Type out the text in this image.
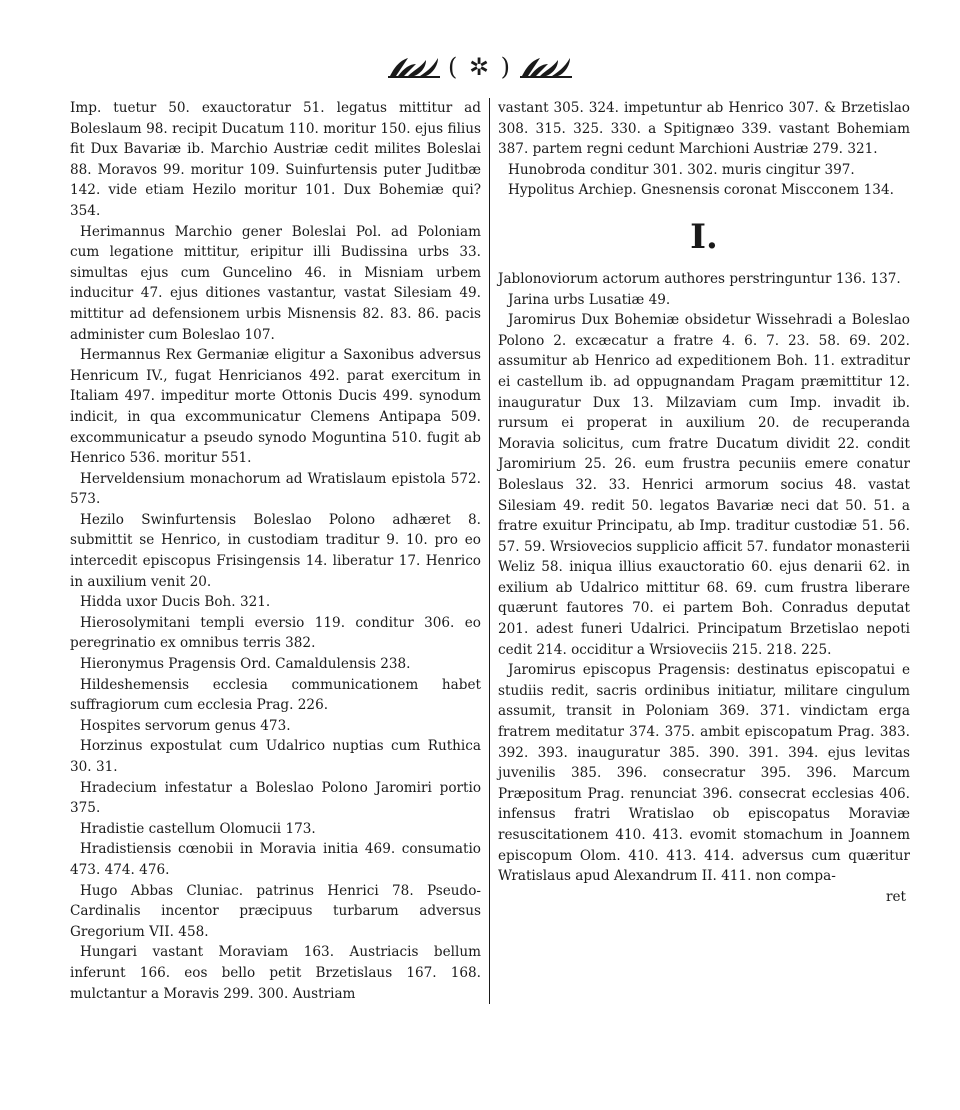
( ✲ )

Imp. tuetur 50. exauctoratur 51. legatus mittitur ad Boleslaum 98. recipit Ducatum 110. moritur 150. ejus filius fit Dux Bavariæ ib. Marchio Austriæ cedit milites Boleslai 88. Moravos 99. moritur 109. Suinfurtensis puter Juditbæ 142. vide etiam Hezilo moritur 101. Dux Bohemiæ qui? 354.

Herimannus Marchio gener Boleslai Pol. ad Poloniam cum legatione mittitur, eripitur illi Budissina urbs 33. simultas ejus cum Guncelino 46. in Misniam urbem inducitur 47. ejus ditiones vastantur, vastat Silesiam 49. mittitur ad defensionem urbis Misnensis 82. 83. 86. pacis administer cum Boleslao 107.

Hermannus Rex Germaniæ eligitur a Saxonibus adversus Henricum IV., fugat Henricianos 492. parat exercitum in Italiam 497. impeditur morte Ottonis Ducis 499. synodum indicit, in qua excommunicatur Clemens Antipapa 509. excommunicatur a pseudo synodo Moguntina 510. fugit ab Henrico 536. moritur 551.

Herveldensium monachorum ad Wratislaum epistola 572. 573.

Hezilo Swinfurtensis Boleslao Polono adhæret 8. submittit se Henrico, in custodiam traditur 9. 10. pro eo intercedit episcopus Frisingensis 14. liberatur 17. Henrico in auxilium venit 20.

Hidda uxor Ducis Boh. 321.

Hierosolymitani templi eversio 119. conditur 306. eo peregrinatio ex omnibus terris 382.

Hieronymus Pragensis Ord. Camaldulensis 238.

Hildeshemensis ecclesia communicationem habet suffragiorum cum ecclesia Prag. 226.

Hospites servorum genus 473.

Horzinus expostulat cum Udalrico nuptias cum Ruthica 30. 31.

Hradecium infestatur a Boleslao Polono Jaromiri portio 375.

Hradistie castellum Olomucii 173.

Hradistiensis cœnobii in Moravia initia 469. consumatio 473. 474. 476.

Hugo Abbas Cluniac. patrinus Henrici 78. Pseudo-Cardinalis incentor præcipuus turbarum adversus Gregorium VII. 458.

Hungari vastant Moraviam 163. Austriacis bellum inferunt 166. eos bello petit Brzetislaus 167. 168. mulctantur a Moravis 299. 300. Austriam

vastant 305. 324. impetuntur ab Henrico 307. & Brzetislao 308. 315. 325. 330. a Spitignæo 339. vastant Bohemiam 387. partem regni cedunt Marchioni Austriæ 279. 321.

Hunobroda conditur 301. 302. muris cingitur 397.

Hypolitus Archiep. Gnesnensis coronat Miscconem 134.

I.

Jablonoviorum actorum authores perstringuntur 136. 137.

Jarina urbs Lusatiæ 49.

Jaromirus Dux Bohemiæ obsidetur Wissehradi a Boleslao Polono 2. excæcatur a fratre 4. 6. 7. 23. 58. 69. 202. assumitur ab Henrico ad expeditionem Boh. 11. extraditur ei castellum ib. ad oppugnandam Pragam præmittitur 12. inauguratur Dux 13. Milzaviam cum Imp. invadit ib. rursum ei properat in auxilium 20. de recuperanda Moravia solicitus, cum fratre Ducatum dividit 22. condit Jaromirium 25. 26. eum frustra pecuniis emere conatur Boleslaus 32. 33. Henrici armorum socius 48. vastat Silesiam 49. redit 50. legatos Bavariæ neci dat 50. 51. a fratre exuitur Principatu, ab Imp. traditur custodiæ 51. 56. 57. 59. Wrsiovecios supplicio afficit 57. fundator monasterii Weliz 58. iniqua illius exauctoratio 60. ejus denarii 62. in exilium ab Udalrico mittitur 68. 69. cum frustra liberare quærunt fautores 70. ei partem Boh. Conradus deputat 201. adest funeri Udalrici. Principatum Brzetislao nepoti cedit 214. occiditur a Wrsioveciis 215. 218. 225.

Jaromirus episcopus Pragensis: destinatus episcopatui e studiis redit, sacris ordinibus initiatur, militare cingulum assumit, transit in Poloniam 369. 371. vindictam erga fratrem meditatur 374. 375. ambit episcopatum Prag. 383. 392. 393. inauguratur 385. 390. 391. 394. ejus levitas juvenilis 385. 396. consecratur 395. 396. Marcum Præpositum Prag. renunciat 396. consecrat ecclesias 406. infensus fratri Wratislao ob episcopatus Moraviæ resuscitationem 410. 413. evomit stomachum in Joannem episcopum Olom. 410. 413. 414. adversus cum quæritur Wratislaus apud Alexandrum II. 411. non compa-

ret
